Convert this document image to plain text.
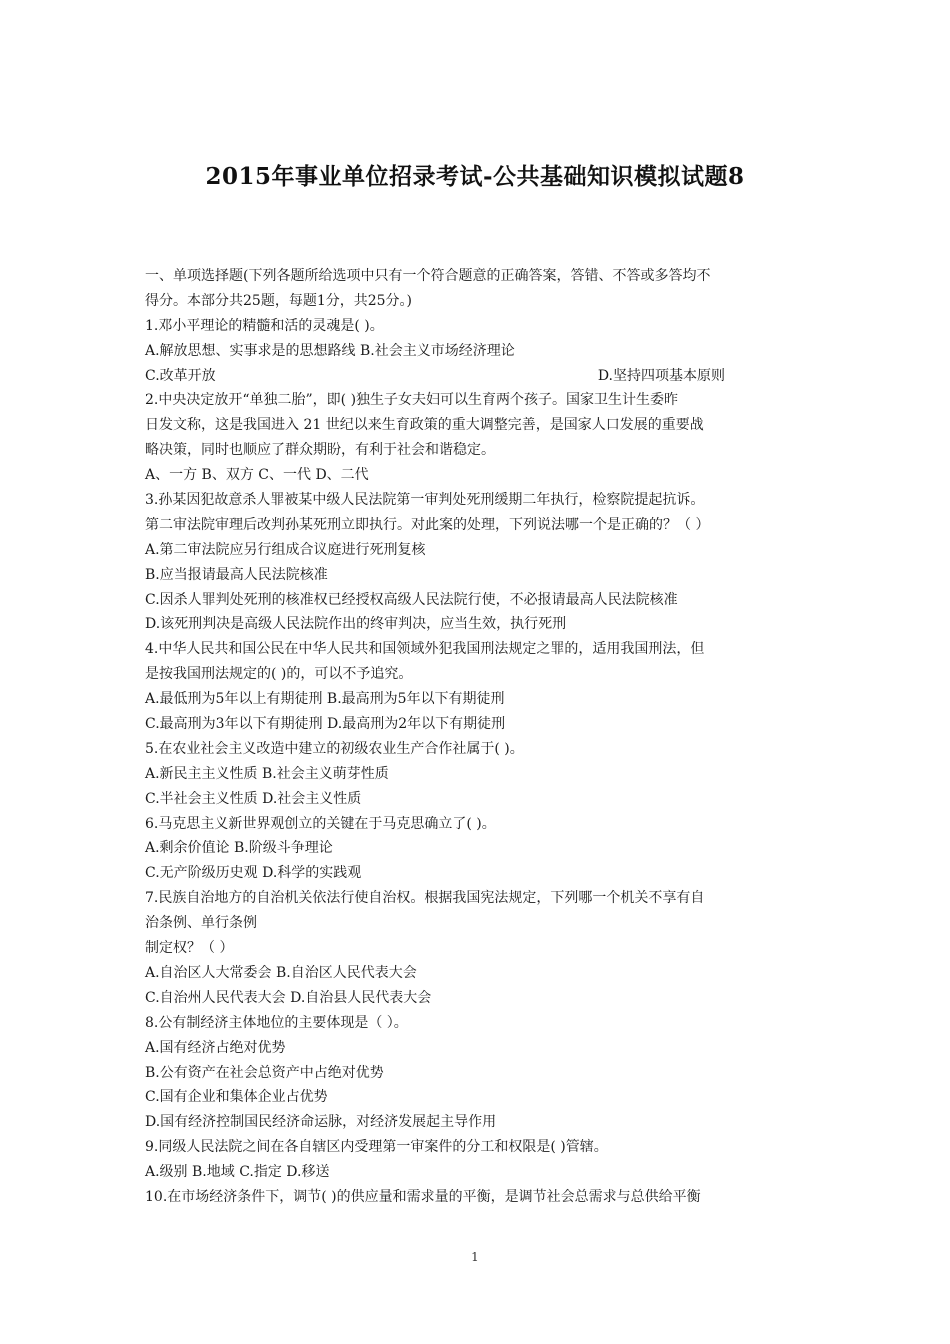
2015年事业单位招录考试-公共基础知识模拟试题8
一、单项选择题(下列各题所给选项中只有一个符合题意的正确答案，答错、不答或多答均不
得分。本部分共25题，每题1分，共25分。)
1.邓小平理论的精髓和活的灵魂是( )。
A.解放思想、实事求是的思想路线 B.社会主义市场经济理论
C.改革开放	D.坚持四项基本原则
2.中央决定放开“单独二胎”，即( )独生子女夫妇可以生育两个孩子。国家卫生计生委昨
日发文称，这是我国进入 21 世纪以来生育政策的重大调整完善，是国家人口发展的重要战
略决策，同时也顺应了群众期盼，有利于社会和谐稳定。
A、一方 B、双方 C、一代 D、二代
3.孙某因犯故意杀人罪被某中级人民法院第一审判处死刑缓期二年执行，检察院提起抗诉。
第二审法院审理后改判孙某死刑立即执行。对此案的处理，下列说法哪一个是正确的？（ ）
A.第二审法院应另行组成合议庭进行死刑复核
B.应当报请最高人民法院核准
C.因杀人罪判处死刑的核准权已经授权高级人民法院行使，不必报请最高人民法院核准
D.该死刑判决是高级人民法院作出的终审判决，应当生效，执行死刑
4.中华人民共和国公民在中华人民共和国领域外犯我国刑法规定之罪的，适用我国刑法，但
是按我国刑法规定的( )的，可以不予追究。
A.最低刑为5年以上有期徒刑 B.最高刑为5年以下有期徒刑
C.最高刑为3年以下有期徒刑 D.最高刑为2年以下有期徒刑
5.在农业社会主义改造中建立的初级农业生产合作社属于( )。
A.新民主主义性质 B.社会主义萌芽性质
C.半社会主义性质 D.社会主义性质
6.马克思主义新世界观创立的关键在于马克思确立了( )。
A.剩余价值论 B.阶级斗争理论
C.无产阶级历史观 D.科学的实践观
7.民族自治地方的自治机关依法行使自治权。根据我国宪法规定，下列哪一个机关不享有自
治条例、单行条例
制定权？（ ）
A.自治区人大常委会 B.自治区人民代表大会
C.自治州人民代表大会 D.自治县人民代表大会
8.公有制经济主体地位的主要体现是（ ）。
A.国有经济占绝对优势
B.公有资产在社会总资产中占绝对优势
C.国有企业和集体企业占优势
D.国有经济控制国民经济命运脉，对经济发展起主导作用
9.同级人民法院之间在各自辖区内受理第一审案件的分工和权限是( )管辖。
A.级别 B.地域 C.指定 D.移送
10.在市场经济条件下，调节( )的供应量和需求量的平衡，是调节社会总需求与总供给平衡
1
